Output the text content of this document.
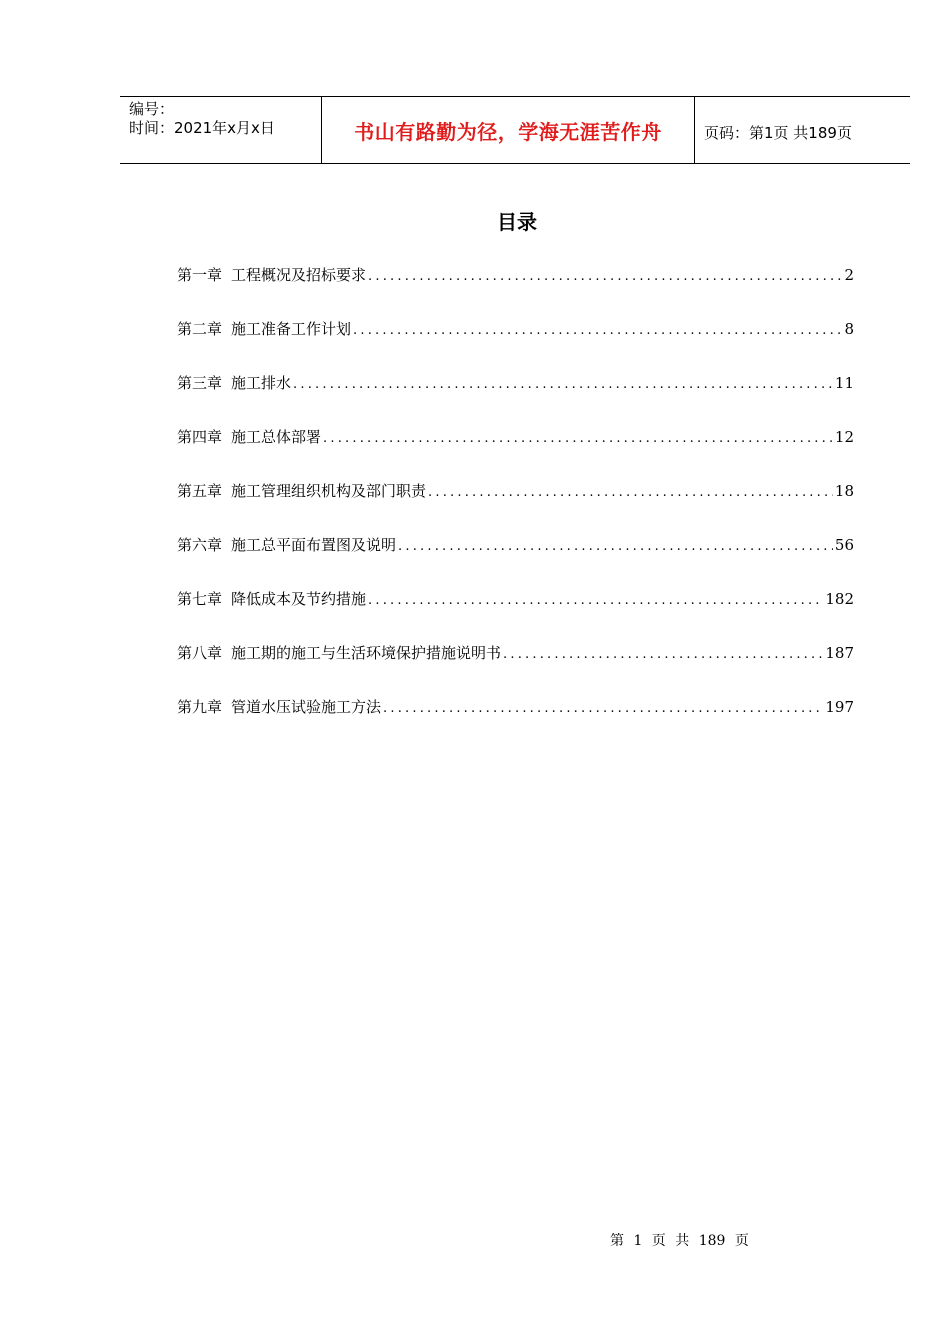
编号：
时间：2021年x月x日	书山有路勤为径，学海无涯苦作舟	页码：第1页 共189页
目录
第一章 工程概况及招标要求 .....	2
第二章 施工准备工作计划 .....	8
第三章 施工排水 .....	11
第四章 施工总体部署 .....	12
第五章 施工管理组织机构及部门职责 .....	18
第六章 施工总平面布置图及说明 .....	56
第七章 降低成本及节约措施 .....	182
第八章 施工期的施工与生活环境保护措施说明书 .....	187
第九章 管道水压试验施工方法 .....	197
第 1 页 共 189 页
